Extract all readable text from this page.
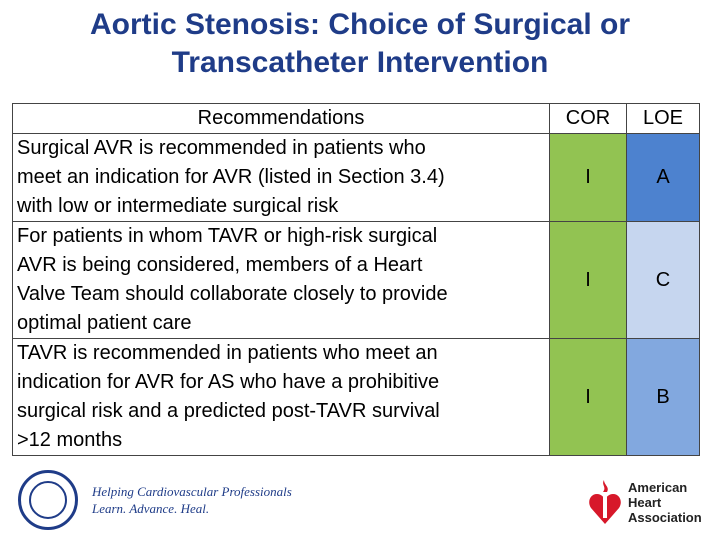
Aortic Stenosis: Choice of Surgical or
Transcatheter Intervention
Recommendations	COR	LOE

Surgical AVR is recommended in patients who
meet an indication for AVR (listed in Section 3.4)
with low or intermediate surgical risk	I	A

For patients in whom TAVR or high-risk surgical
AVR is being considered, members of a Heart
Valve Team should collaborate closely to provide
optimal patient care	I	C

TAVR is recommended in patients who meet an
indication for AVR for AS who have a prohibitive
surgical risk and a predicted post-TAVR survival
>12 months	I	B
Helping Cardiovascular Professionals
Learn. Advance. Heal.
American
Heart
Association
